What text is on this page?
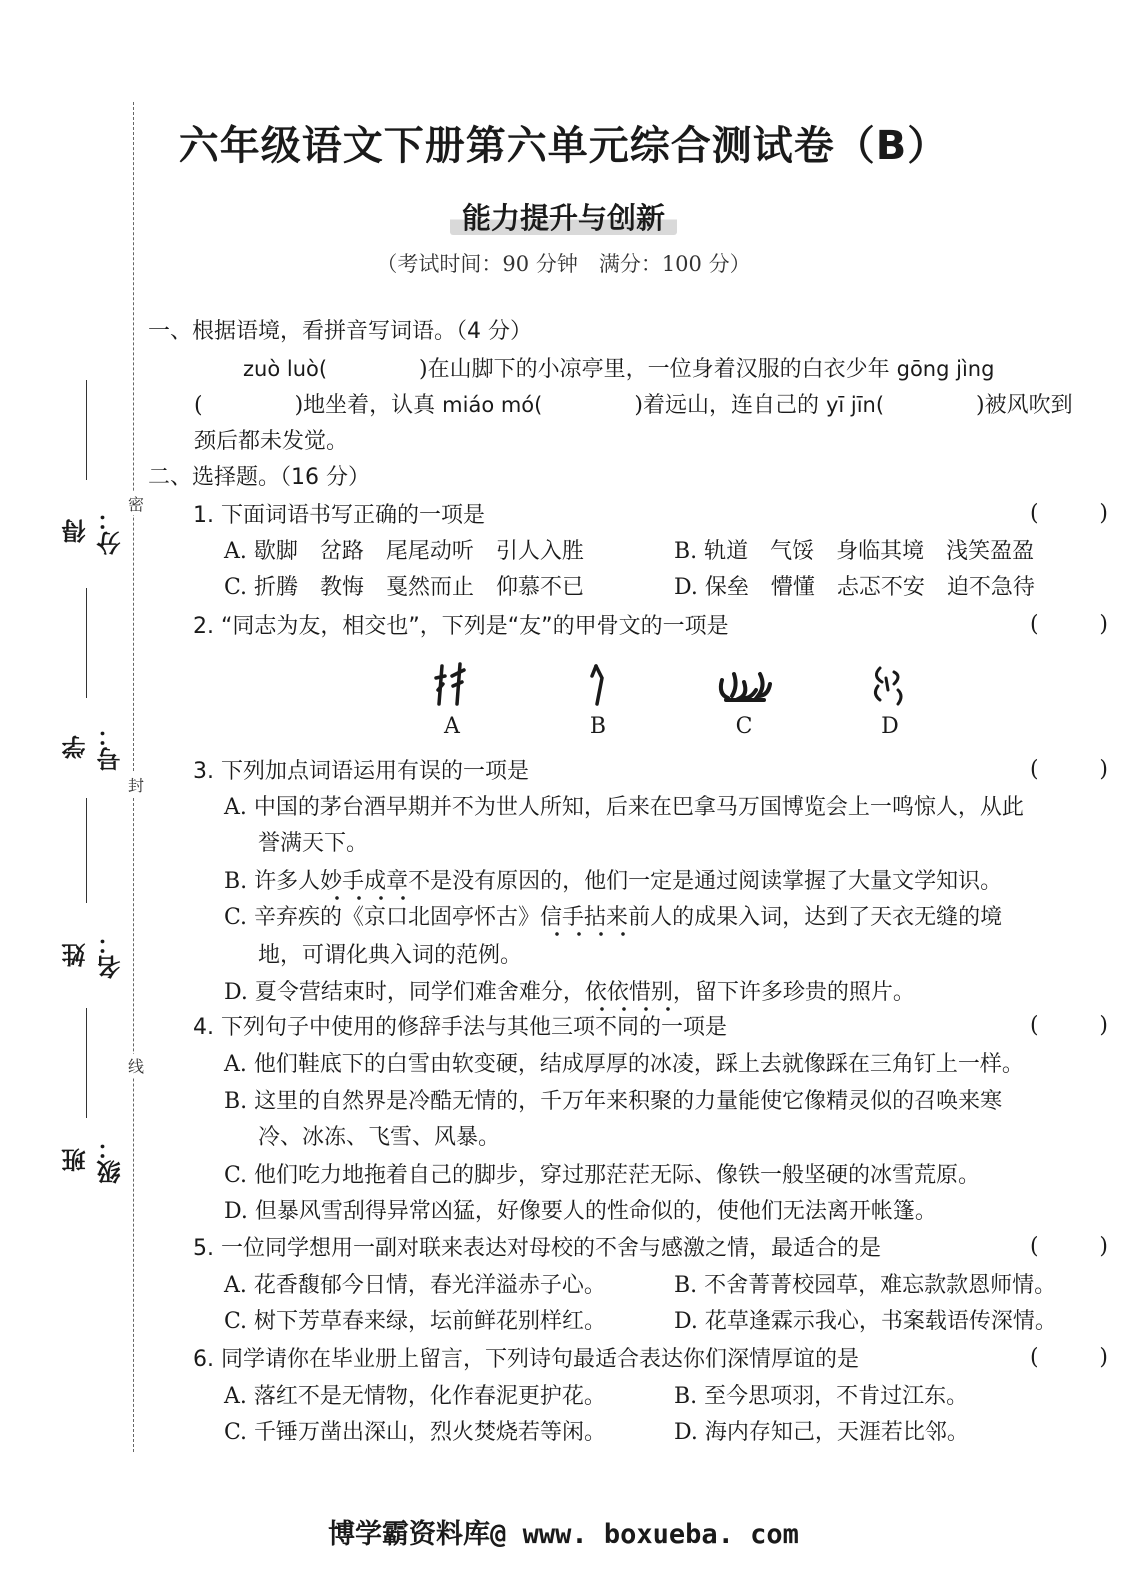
密
封
线
得分：
学号：
姓名：
班级：
六年级语文下册第六单元综合测试卷（B）
能力提升与创新
（考试时间：90 分钟　满分：100 分）
一、根据语境，看拼音写词语。（4 分）
zuò luò(	)在山脚下的小凉亭里，一位身着汉服的白衣少年 gōng jìng
(	)地坐着，认真 miáo mó(	)着远山，连自己的 yī jīn(	)被风吹到
颈后都未发觉。
二、选择题。（16 分）
1. 下面词语书写正确的一项是	(	)
A. 歇脚　岔路　尾尾动听　引人入胜	B. 轨道　气馁　身临其境　浅笑盈盈
C. 折腾　教悔　戛然而止　仰慕不已	D. 保垒　懵懂　忐忑不安　迫不急待
2. “同志为友，相交也”，下列是“友”的甲骨文的一项是	(	)
A	B	C	D
3. 下列加点词语运用有误的一项是	(	)
A. 中国的茅台酒早期并不为世人所知，后来在巴拿马万国博览会上一鸣惊人，从此
誉满天下。
B. 许多人妙手成章不是没有原因的，他们一定是通过阅读掌握了大量文学知识。
C. 辛弃疾的《京口北固亭怀古》信手拈来前人的成果入词，达到了天衣无缝的境
地，可谓化典入词的范例。
D. 夏令营结束时，同学们难舍难分，依依惜别，留下许多珍贵的照片。
4. 下列句子中使用的修辞手法与其他三项不同的一项是	(	)
A. 他们鞋底下的白雪由软变硬，结成厚厚的冰凌，踩上去就像踩在三角钉上一样。
B. 这里的自然界是冷酷无情的，千万年来积聚的力量能使它像精灵似的召唤来寒
冷、冰冻、飞雪、风暴。
C. 他们吃力地拖着自己的脚步，穿过那茫茫无际、像铁一般坚硬的冰雪荒原。
D. 但暴风雪刮得异常凶猛，好像要人的性命似的，使他们无法离开帐篷。
5. 一位同学想用一副对联来表达对母校的不舍与感激之情，最适合的是	(	)
A. 花香馥郁今日情，春光洋溢赤子心。	B. 不舍菁菁校园草，难忘款款恩师情。
C. 树下芳草春来绿，坛前鲜花别样红。	D. 花草逢霖示我心，书案载语传深情。
6. 同学请你在毕业册上留言，下列诗句最适合表达你们深情厚谊的是	(	)
A. 落红不是无情物，化作春泥更护花。	B. 至今思项羽，不肯过江东。
C. 千锤万凿出深山，烈火焚烧若等闲。	D. 海内存知己，天涯若比邻。
博学霸资料库@ www. boxueba. com
